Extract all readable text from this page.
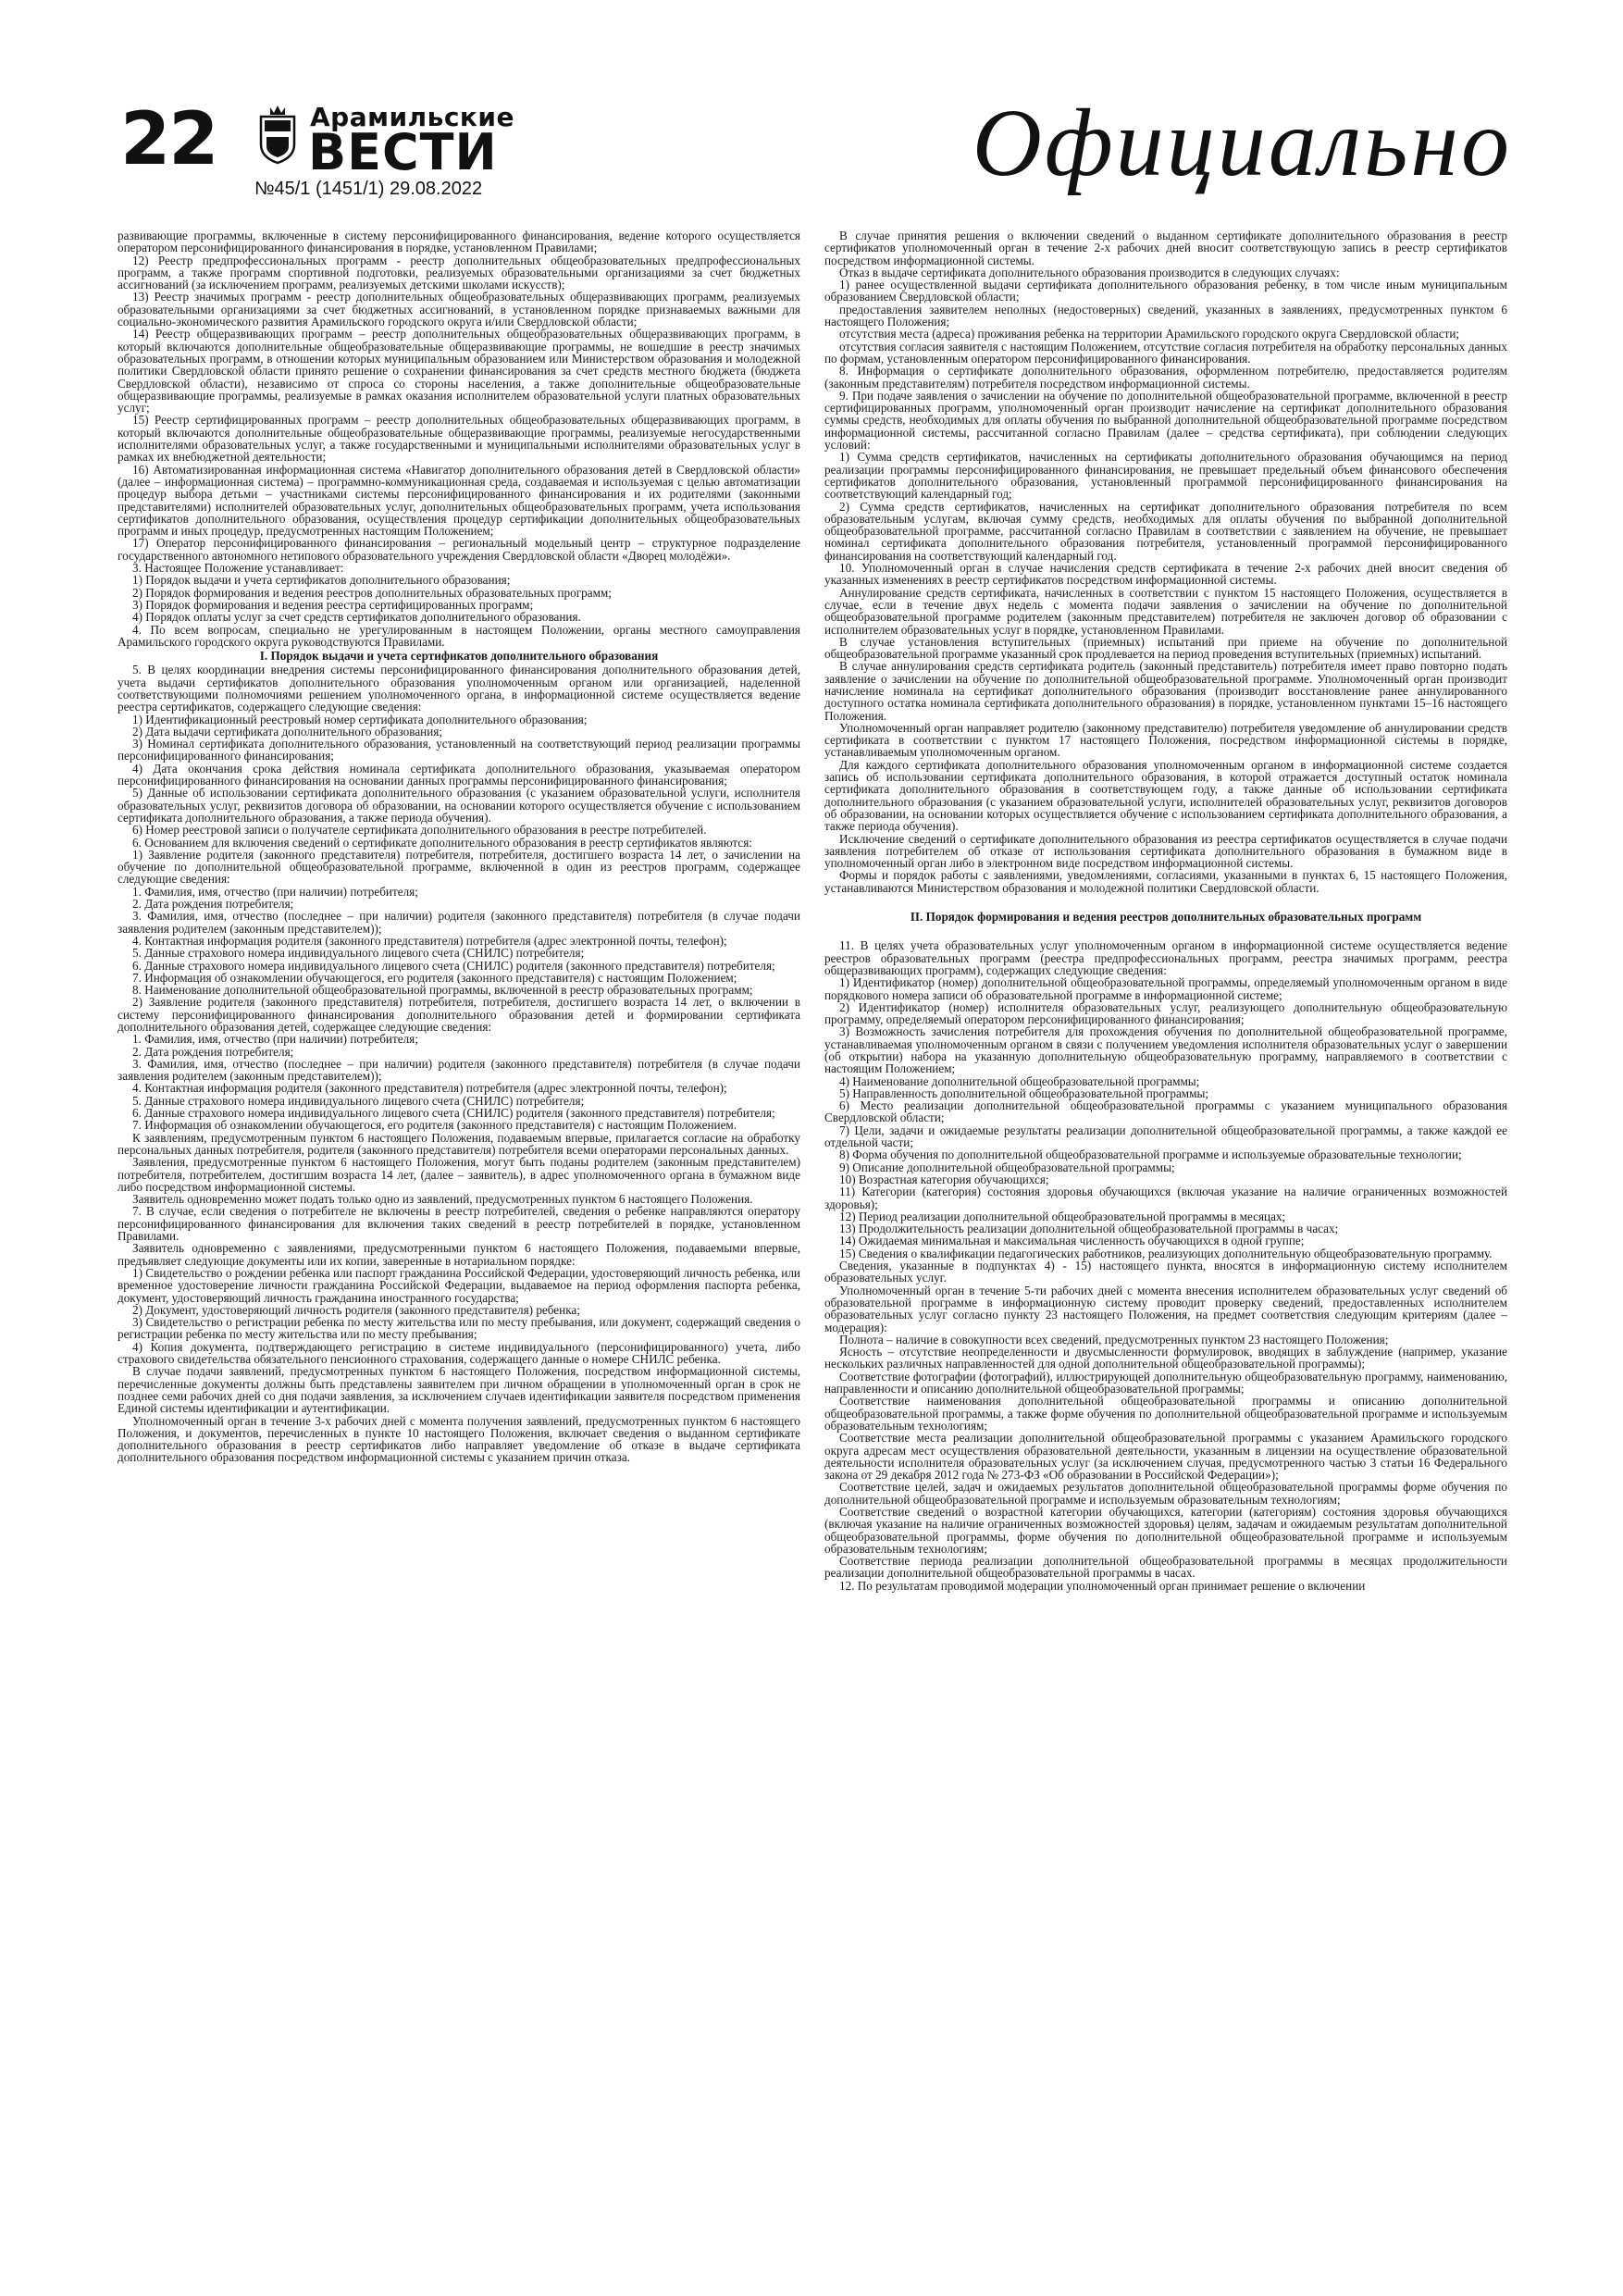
22	Арамильские
ВЕСТИ
№45/1 (1451/1) 29.08.2022	Официально

развивающие программы, включенные в систему персонифицированного финансирования, ведение которого осуществляется оператором персонифицированного финансирования в порядке, установленном Правилами;

12) Реестр предпрофессиональных программ - реестр дополнительных общеобразовательных предпрофессиональных программ, а также программ спортивной подготовки, реализуемых образовательными организациями за счет бюджетных ассигнований (за исключением программ, реализуемых детскими школами искусств);

13) Реестр значимых программ - реестр дополнительных общеобразовательных общеразвивающих программ, реализуемых образовательными организациями за счет бюджетных ассигнований, в установленном порядке признаваемых важными для социально-экономического развития Арамильского городского округа и/или Свердловской области;

14) Реестр общеразвивающих программ – реестр дополнительных общеобразовательных общеразвивающих программ, в который включаются дополнительные общеобразовательные общеразвивающие программы, не вошедшие в реестр значимых образовательных программ, в отношении которых муниципальным образованием или Министерством образования и молодежной политики Свердловской области принято решение о сохранении финансирования за счет средств местного бюджета (бюджета Свердловской области), независимо от спроса со стороны населения, а также дополнительные общеобразовательные общеразвивающие программы, реализуемые в рамках оказания исполнителем образовательной услуги платных образовательных услуг;

15) Реестр сертифицированных программ – реестр дополнительных общеобразовательных общеразвивающих программ, в который включаются дополнительные общеобразовательные общеразвивающие программы, реализуемые негосударственными исполнителями образовательных услуг, а также государственными и муниципальными исполнителями образовательных услуг в рамках их внебюджетной деятельности;

16) Автоматизированная информационная система «Навигатор дополнительного образования детей в Свердловской области» (далее – информационная система) – программно-коммуникационная среда, создаваемая и используемая с целью автоматизации процедур выбора детьми – участниками системы персонифицированного финансирования и их родителями (законными представителями) исполнителей образовательных услуг, дополнительных общеобразовательных программ, учета использования сертификатов дополнительного образования, осуществления процедур сертификации дополнительных общеобразовательных программ и иных процедур, предусмотренных настоящим Положением;

17) Оператор персонифицированного финансирования – региональный модельный центр – структурное подразделение государственного автономного нетипового образовательного учреждения Свердловской области «Дворец молодёжи».

3. Настоящее Положение устанавливает:

1) Порядок выдачи и учета сертификатов дополнительного образования;

2) Порядок формирования и ведения реестров дополнительных образовательных программ;

3) Порядок формирования и ведения реестра сертифицированных программ;

4) Порядок оплаты услуг за счет средств сертификатов дополнительного образования.

4. По всем вопросам, специально не урегулированным в настоящем Положении, органы местного самоуправления Арамильского городского округа руководствуются Правилами.

I. Порядок выдачи и учета сертификатов дополнительного образования

5. В целях координации внедрения системы персонифицированного финансирования дополнительного образования детей, учета выдачи сертификатов дополнительного образования уполномоченным органом или организацией, наделенной соответствующими полномочиями решением уполномоченного органа, в информационной системе осуществляется ведение реестра сертификатов, содержащего следующие сведения:

1) Идентификационный реестровый номер сертификата дополнительного образования;

2) Дата выдачи сертификата дополнительного образования;

3) Номинал сертификата дополнительного образования, установленный на соответствующий период реализации программы персонифицированного финансирования;

4) Дата окончания срока действия номинала сертификата дополнительного образования, указываемая оператором персонифицированного финансирования на основании данных программы персонифицированного финансирования;

5) Данные об использовании сертификата дополнительного образования (с указанием образовательной услуги, исполнителя образовательных услуг, реквизитов договора об образовании, на основании которого осуществляется обучение с использованием сертификата дополнительного образования, а также периода обучения).

6) Номер реестровой записи о получателе сертификата дополнительного образования в реестре потребителей.

6. Основанием для включения сведений о сертификате дополнительного образования в реестр сертификатов являются:

1) Заявление родителя (законного представителя) потребителя, потребителя, достигшего возраста 14 лет, о зачислении на обучение по дополнительной общеобразовательной программе, включенной в один из реестров программ, содержащее следующие сведения:

1. Фамилия, имя, отчество (при наличии) потребителя;

2. Дата рождения потребителя;

3. Фамилия, имя, отчество (последнее – при наличии) родителя (законного представителя) потребителя (в случае подачи заявления родителем (законным представителем));

4. Контактная информация родителя (законного представителя) потребителя (адрес электронной почты, телефон);

5. Данные страхового номера индивидуального лицевого счета (СНИЛС) потребителя;

6. Данные страхового номера индивидуального лицевого счета (СНИЛС) родителя (законного представителя) потребителя;

7. Информация об ознакомлении обучающегося, его родителя (законного представителя) с настоящим Положением;

8. Наименование дополнительной общеобразовательной программы, включенной в реестр образовательных программ;

2) Заявление родителя (законного представителя) потребителя, потребителя, достигшего возраста 14 лет, о включении в систему персонифицированного финансирования дополнительного образования детей и формировании сертификата дополнительного образования детей, содержащее следующие сведения:

1. Фамилия, имя, отчество (при наличии) потребителя;

2. Дата рождения потребителя;

3. Фамилия, имя, отчество (последнее – при наличии) родителя (законного представителя) потребителя (в случае подачи заявления родителем (законным представителем));

4. Контактная информация родителя (законного представителя) потребителя (адрес электронной почты, телефон);

5. Данные страхового номера индивидуального лицевого счета (СНИЛС) потребителя;

6. Данные страхового номера индивидуального лицевого счета (СНИЛС) родителя (законного представителя) потребителя;

7. Информация об ознакомлении обучающегося, его родителя (законного представителя) с настоящим Положением.

К заявлениям, предусмотренным пунктом 6 настоящего Положения, подаваемым впервые, прилагается согласие на обработку персональных данных потребителя, родителя (законного представителя) потребителя всеми операторами персональных данных.

Заявления, предусмотренные пунктом 6 настоящего Положения, могут быть поданы родителем (законным представителем) потребителя, потребителем, достигшим возраста 14 лет, (далее – заявитель), в адрес уполномоченного органа в бумажном виде либо посредством информационной системы.

Заявитель одновременно может подать только одно из заявлений, предусмотренных пунктом 6 настоящего Положения.

7. В случае, если сведения о потребителе не включены в реестр потребителей, сведения о ребенке направляются оператору персонифицированного финансирования для включения таких сведений в реестр потребителей в порядке, установленном Правилами.

Заявитель одновременно с заявлениями, предусмотренными пунктом 6 настоящего Положения, подаваемыми впервые, предъявляет следующие документы или их копии, заверенные в нотариальном порядке:

1) Свидетельство о рождении ребенка или паспорт гражданина Российской Федерации, удостоверяющий личность ребенка, или временное удостоверение личности гражданина Российской Федерации, выдаваемое на период оформления паспорта ребенка, документ, удостоверяющий личность гражданина иностранного государства;

2) Документ, удостоверяющий личность родителя (законного представителя) ребенка;

3) Свидетельство о регистрации ребенка по месту жительства или по месту пребывания, или документ, содержащий сведения о регистрации ребенка по месту жительства или по месту пребывания;

4) Копия документа, подтверждающего регистрацию в системе индивидуального (персонифицированного) учета, либо страхового свидетельства обязательного пенсионного страхования, содержащего данные о номере СНИЛС ребенка.

В случае подачи заявлений, предусмотренных пунктом 6 настоящего Положения, посредством информационной системы, перечисленные документы должны быть представлены заявителем при личном обращении в уполномоченный орган в срок не позднее семи рабочих дней со дня подачи заявления, за исключением случаев идентификации заявителя посредством применения Единой системы идентификации и аутентификации.

Уполномоченный орган в течение 3-х рабочих дней с момента получения заявлений, предусмотренных пунктом 6 настоящего Положения, и документов, перечисленных в пункте 10 настоящего Положения, включает сведения о выданном сертификате дополнительного образования в реестр сертификатов либо направляет уведомление об отказе в выдаче сертификата дополнительного образования посредством информационной системы с указанием причин отказа.

В случае принятия решения о включении сведений о выданном сертификате дополнительного образования в реестр сертификатов уполномоченный орган в течение 2-х рабочих дней вносит соответствующую запись в реестр сертификатов посредством информационной системы.

Отказ в выдаче сертификата дополнительного образования производится в следующих случаях:

1) ранее осуществленной выдачи сертификата дополнительного образования ребенку, в том числе иным муниципальным образованием Свердловской области;

предоставления заявителем неполных (недостоверных) сведений, указанных в заявлениях, предусмотренных пунктом 6 настоящего Положения;

отсутствия места (адреса) проживания ребенка на территории Арамильского городского округа Свердловской области;

отсутствия согласия заявителя с настоящим Положением, отсутствие согласия потребителя на обработку персональных данных по формам, установленным оператором персонифицированного финансирования.

8. Информация о сертификате дополнительного образования, оформленном потребителю, предоставляется родителям (законным представителям) потребителя посредством информационной системы.

9. При подаче заявления о зачислении на обучение по дополнительной общеобразовательной программе, включенной в реестр сертифицированных программ, уполномоченный орган производит начисление на сертификат дополнительного образования суммы средств, необходимых для оплаты обучения по выбранной дополнительной общеобразовательной программе посредством информационной системы, рассчитанной согласно Правилам (далее – средства сертификата), при соблюдении следующих условий:

1) Сумма средств сертификатов, начисленных на сертификаты дополнительного образования обучающимся на период реализации программы персонифицированного финансирования, не превышает предельный объем финансового обеспечения сертификатов дополнительного образования, установленный программой персонифицированного финансирования на соответствующий календарный год;

2) Сумма средств сертификатов, начисленных на сертификат дополнительного образования потребителя по всем образовательным услугам, включая сумму средств, необходимых для оплаты обучения по выбранной дополнительной общеобразовательной программе, рассчитанной согласно Правилам в соответствии с заявлением на обучение, не превышает номинал сертификата дополнительного образования потребителя, установленный программой персонифицированного финансирования на соответствующий календарный год.

10. Уполномоченный орган в случае начисления средств сертификата в течение 2-х рабочих дней вносит сведения об указанных изменениях в реестр сертификатов посредством информационной системы.

Аннулирование средств сертификата, начисленных в соответствии с пунктом 15 настоящего Положения, осуществляется в случае, если в течение двух недель с момента подачи заявления о зачислении на обучение по дополнительной общеобразовательной программе родителем (законным представителем) потребителя не заключен договор об образовании с исполнителем образовательных услуг в порядке, установленном Правилами.

В случае установления вступительных (приемных) испытаний при приеме на обучение по дополнительной общеобразовательной программе указанный срок продлевается на период проведения вступительных (приемных) испытаний.

В случае аннулирования средств сертификата родитель (законный представитель) потребителя имеет право повторно подать заявление о зачислении на обучение по дополнительной общеобразовательной программе. Уполномоченный орган производит начисление номинала на сертификат дополнительного образования (производит восстановление ранее аннулированного доступного остатка номинала сертификата дополнительного образования) в порядке, установленном пунктами 15–16 настоящего Положения.

Уполномоченный орган направляет родителю (законному представителю) потребителя уведомление об аннулировании средств сертификата в соответствии с пунктом 17 настоящего Положения, посредством информационной системы в порядке, устанавливаемым уполномоченным органом.

Для каждого сертификата дополнительного образования уполномоченным органом в информационной системе создается запись об использовании сертификата дополнительного образования, в которой отражается доступный остаток номинала сертификата дополнительного образования в соответствующем году, а также данные об использовании сертификата дополнительного образования (с указанием образовательной услуги, исполнителей образовательных услуг, реквизитов договоров об образовании, на основании которых осуществляется обучение с использованием сертификата дополнительного образования, а также периода обучения).

Исключение сведений о сертификате дополнительного образования из реестра сертификатов осуществляется в случае подачи заявления потребителем об отказе от использования сертификата дополнительного образования в бумажном виде в уполномоченный орган либо в электронном виде посредством информационной системы.

Формы и порядок работы с заявлениями, уведомлениями, согласиями, указанными в пунктах 6, 15 настоящего Положения, устанавливаются Министерством образования и молодежной политики Свердловской области.

II. Порядок формирования и ведения реестров дополнительных образовательных программ

11. В целях учета образовательных услуг уполномоченным органом в информационной системе осуществляется ведение реестров образовательных программ (реестра предпрофессиональных программ, реестра значимых программ, реестра общеразвивающих программ), содержащих следующие сведения:

1) Идентификатор (номер) дополнительной общеобразовательной программы, определяемый уполномоченным органом в виде порядкового номера записи об образовательной программе в информационной системе;

2) Идентификатор (номер) исполнителя образовательных услуг, реализующего дополнительную общеобразовательную программу, определяемый оператором персонифицированного финансирования;

3) Возможность зачисления потребителя для прохождения обучения по дополнительной общеобразовательной программе, устанавливаемая уполномоченным органом в связи с получением уведомления исполнителя образовательных услуг о завершении (об открытии) набора на указанную дополнительную общеобразовательную программу, направляемого в соответствии с настоящим Положением;

4) Наименование дополнительной общеобразовательной программы;

5) Направленность дополнительной общеобразовательной программы;

6) Место реализации дополнительной общеобразовательной программы с указанием муниципального образования Свердловской области;

7) Цели, задачи и ожидаемые результаты реализации дополнительной общеобразовательной программы, а также каждой ее отдельной части;

8) Форма обучения по дополнительной общеобразовательной программе и используемые образовательные технологии;

9) Описание дополнительной общеобразовательной программы;

10) Возрастная категория обучающихся;

11) Категории (категория) состояния здоровья обучающихся (включая указание на наличие ограниченных возможностей здоровья);

12) Период реализации дополнительной общеобразовательной программы в месяцах;

13) Продолжительность реализации дополнительной общеобразовательной программы в часах;

14) Ожидаемая минимальная и максимальная численность обучающихся в одной группе;

15) Сведения о квалификации педагогических работников, реализующих дополнительную общеобразовательную программу.

Сведения, указанные в подпунктах 4) - 15) настоящего пункта, вносятся в информационную систему исполнителем образовательных услуг.

Уполномоченный орган в течение 5-ти рабочих дней с момента внесения исполнителем образовательных услуг сведений об образовательной программе в информационную систему проводит проверку сведений, предоставленных исполнителем образовательных услуг согласно пункту 23 настоящего Положения, на предмет соответствия следующим критериям (далее – модерация):

Полнота – наличие в совокупности всех сведений, предусмотренных пунктом 23 настоящего Положения;

Ясность – отсутствие неопределенности и двусмысленности формулировок, вводящих в заблуждение (например, указание нескольких различных направленностей для одной дополнительной общеобразовательной программы);

Соответствие фотографии (фотографий), иллюстрирующей дополнительную общеобразовательную программу, наименованию, направленности и описанию дополнительной общеобразовательной программы;

Соответствие наименования дополнительной общеобразовательной программы и описанию дополнительной общеобразовательной программы, а также форме обучения по дополнительной общеобразовательной программе и используемым образовательным технологиям;

Соответствие места реализации дополнительной общеобразовательной программы с указанием Арамильского городского округа адресам мест осуществления образовательной деятельности, указанным в лицензии на осуществление образовательной деятельности исполнителя образовательных услуг (за исключением случая, предусмотренного частью 3 статьи 16 Федерального закона от 29 декабря 2012 года № 273-ФЗ «Об образовании в Российской Федерации»);

Соответствие целей, задач и ожидаемых результатов дополнительной общеобразовательной программы форме обучения по дополнительной общеобразовательной программе и используемым образовательным технологиям;

Соответствие сведений о возрастной категории обучающихся, категории (категориям) состояния здоровья обучающихся (включая указание на наличие ограниченных возможностей здоровья) целям, задачам и ожидаемым результатам дополнительной общеобразовательной программы, форме обучения по дополнительной общеобразовательной программе и используемым образовательным технологиям;

Соответствие периода реализации дополнительной общеобразовательной программы в месяцах продолжительности реализации дополнительной общеобразовательной программы в часах.

12. По результатам проводимой модерации уполномоченный орган принимает решение о включении
